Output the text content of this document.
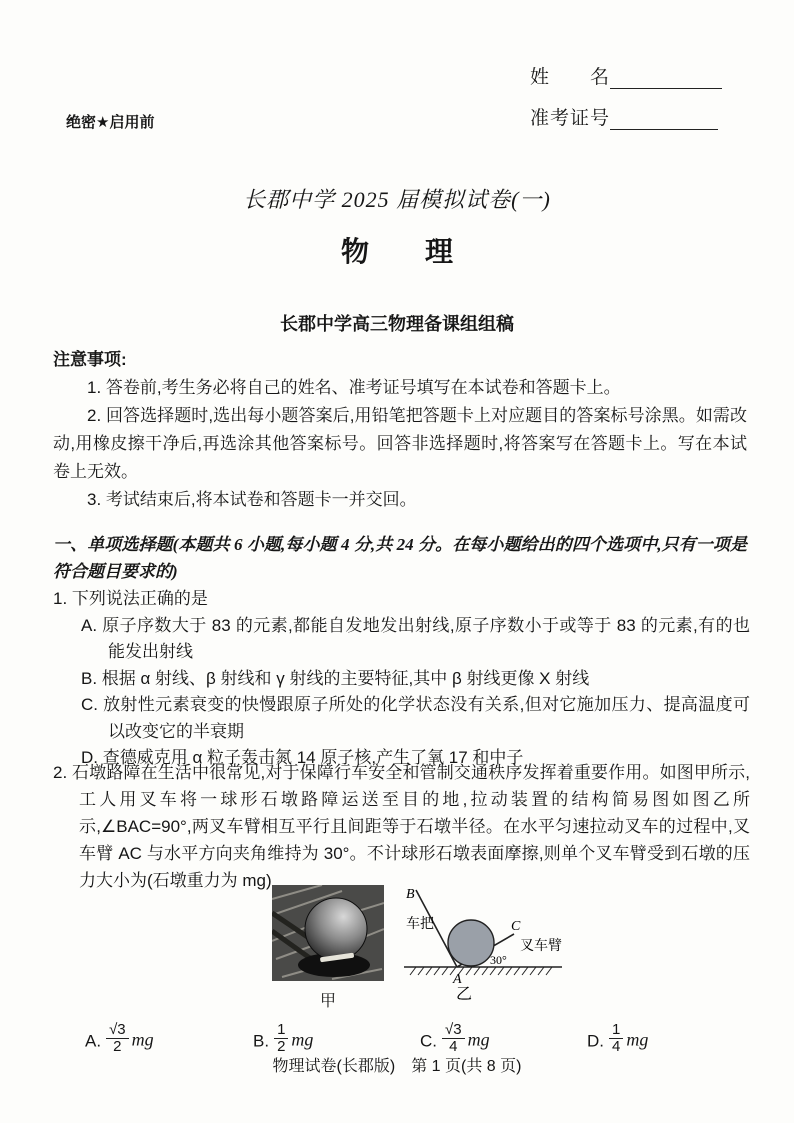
绝密★启用前
姓　　名
准考证号
长郡中学 2025 届模拟试卷(一)
物　　理
长郡中学高三物理备课组组稿
注意事项:

1. 答卷前,考生务必将自己的姓名、准考证号填写在本试卷和答题卡上。

2. 回答选择题时,选出每小题答案后,用铅笔把答题卡上对应题目的答案标号涂黑。如需改动,用橡皮擦干净后,再选涂其他答案标号。回答非选择题时,将答案写在答题卡上。写在本试卷上无效。

3. 考试结束后,将本试卷和答题卡一并交回。

一、单项选择题(本题共 6 小题,每小题 4 分,共 24 分。在每小题给出的四个选项中,只有一项是符合题目要求的)

1. 下列说法正确的是

A. 原子序数大于 83 的元素,都能自发地发出射线,原子序数小于或等于 83 的元素,有的也能发出射线

B. 根据 α 射线、β 射线和 γ 射线的主要特征,其中 β 射线更像 X 射线

C. 放射性元素衰变的快慢跟原子所处的化学状态没有关系,但对它施加压力、提高温度可以改变它的半衰期

D. 查德威克用 α 粒子轰击氮 14 原子核,产生了氧 17 和中子

2. 石墩路障在生活中很常见,对于保障行车安全和管制交通秩序发挥着重要作用。如图甲所示,工人用叉车将一球形石墩路障运送至目的地,拉动装置的结构简易图如图乙所示,∠BAC=90°,两叉车臂相互平行且间距等于石墩半径。在水平匀速拉动叉车的过程中,叉车臂 AC 与水平方向夹角维持为 30°。不计球形石墩表面摩擦,则单个叉车臂受到石墩的压力大小为(石墩重力为 mg)

甲
B
车把	C
叉车臂
30°
A
乙
A. $\frac{√3}{2}$ mg	B. $\frac{1}{2}$ mg	C. $\frac{√3}{4}$ mg	D. $\frac{1}{4}$ mg
物理试卷(长郡版)　第 1 页(共 8 页)
